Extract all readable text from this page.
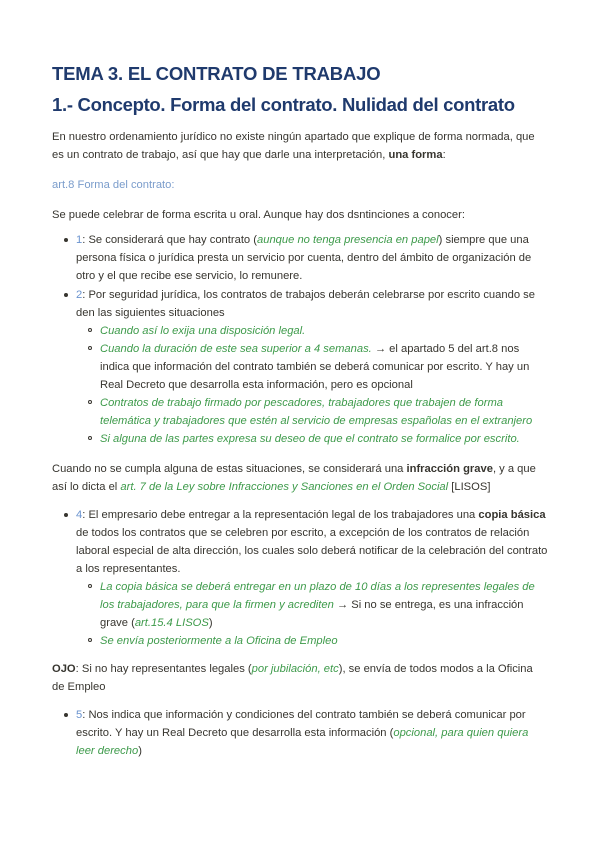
TEMA 3. EL CONTRATO DE TRABAJO
1.- Concepto. Forma del contrato. Nulidad del contrato

En nuestro ordenamiento jurídico no existe ningún apartado que explique de forma normada, que es un contrato de trabajo, así que hay que darle una interpretación, una forma:

art.8 Forma del contrato:

Se puede celebrar de forma escrita u oral. Aunque hay dos dsntinciones a conocer:

1: Se considerará que hay contrato (aunque no tenga presencia en papel) siempre que una persona física o jurídica presta un servicio por cuenta, dentro del ámbito de organización de otro y el que recibe ese servicio, lo remunere.
2: Por seguridad jurídica, los contratos de trabajos deberán celebrarse por escrito cuando se den las siguientes situaciones
Cuando así lo exija una disposición legal.
Cuando la duración de este sea superior a 4 semanas. → el apartado 5 del art.8 nos indica que información del contrato también se deberá comunicar por escrito. Y hay un Real Decreto que desarrolla esta información, pero es opcional
Contratos de trabajo firmado por pescadores, trabajadores que trabajen de forma telemática y trabajadores que estén al servicio de empresas españolas en el extranjero
Si alguna de las partes expresa su deseo de que el contrato se formalice por escrito.

Cuando no se cumpla alguna de estas situaciones, se considerará una infracción grave, y a que así lo dicta el art. 7 de la Ley sobre Infracciones y Sanciones en el Orden Social [LISOS]

4: El empresario debe entregar a la representación legal de los trabajadores una copia básica de todos los contratos que se celebren por escrito, a excepción de los contratos de relación laboral especial de alta dirección, los cuales solo deberá notificar de la celebración del contrato a los representantes.
La copia básica se deberá entregar en un plazo de 10 días a los representes legales de los trabajadores, para que la firmen y acrediten → Si no se entrega, es una infracción grave (art.15.4 LISOS)
Se envía posteriormente a la Oficina de Empleo

OJO: Si no hay representantes legales (por jubilación, etc), se envía de todos modos a la Oficina de Empleo

5: Nos indica que información y condiciones del contrato también se deberá comunicar por escrito. Y hay un Real Decreto que desarrolla esta información (opcional, para quien quiera leer derecho)
